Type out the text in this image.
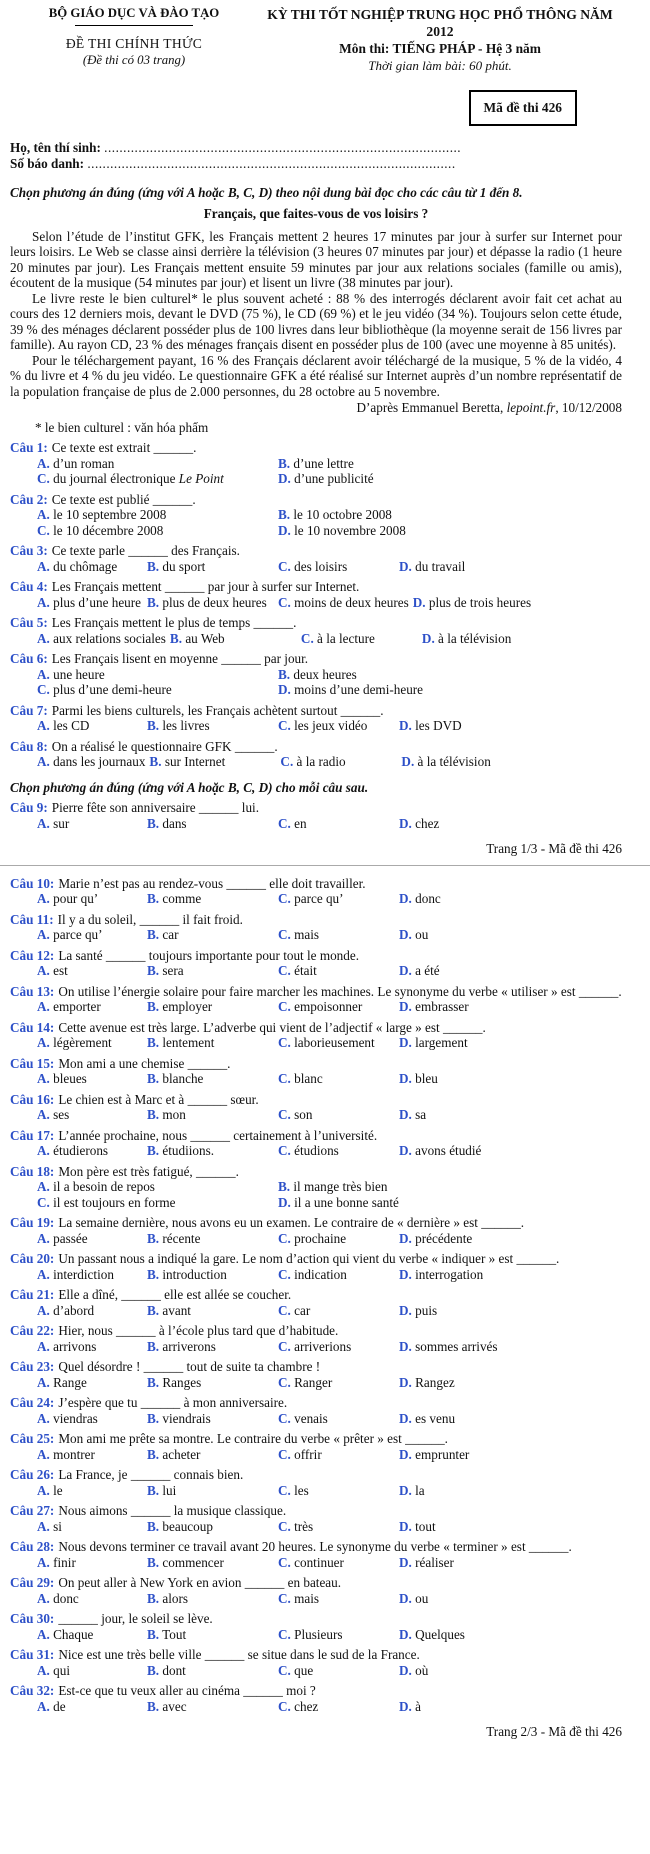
BỘ GIÁO DỤC VÀ ĐÀO TẠO
ĐỀ THI CHÍNH THỨC
(Đề thi có 03 trang)
KỲ THI TỐT NGHIỆP TRUNG HỌC PHỔ THÔNG NĂM 2012
Môn thi: TIẾNG PHÁP - Hệ 3 năm
Thời gian làm bài: 60 phút.
Mã đề thi 426
Họ, tên thí sinh: ..............................................................................................
Số báo danh: .................................................................................................
Chọn phương án đúng (ứng với A hoặc B, C, D) theo nội dung bài đọc cho các câu từ 1 đến 8.
Français, que faites-vous de vos loisirs ?
Selon l’étude de l’institut GFK, les Français mettent 2 heures 17 minutes par jour à surfer sur Internet pour leurs loisirs. Le Web se classe ainsi derrière la télévision (3 heures 07 minutes par jour) et dépasse la radio (1 heure 20 minutes par jour). Les Français mettent ensuite 59 minutes par jour aux relations sociales (famille ou amis), écoutent de la musique (54 minutes par jour) et lisent un livre (38 minutes par jour).
Le livre reste le bien culturel* le plus souvent acheté : 88 % des interrogés déclarent avoir fait cet achat au cours des 12 derniers mois, devant le DVD (75 %), le CD (69 %) et le jeu vidéo (34 %). Toujours selon cette étude, 39 % des ménages déclarent posséder plus de 100 livres dans leur bibliothèque (la moyenne serait de 156 livres par famille). Au rayon CD, 23 % des ménages français disent en posséder plus de 100 (avec une moyenne à 85 unités).
Pour le téléchargement payant, 16 % des Français déclarent avoir téléchargé de la musique, 5 % de la vidéo, 4 % du livre et 4 % du jeu vidéo. Le questionnaire GFK a été réalisé sur Internet auprès d’un nombre représentatif de la population française de plus de 2.000 personnes, du 28 octobre au 5 novembre.
D’après Emmanuel Beretta, lepoint.fr, 10/12/2008
* le bien culturel : văn hóa phẩm
Câu 1: Ce texte est extrait ______.
A. d’un roman	B. d’une lettre
C. du journal électronique Le Point	D. d’une publicité
Câu 2: Ce texte est publié ______.
A. le 10 septembre 2008	B. le 10 octobre 2008
C. le 10 décembre 2008	D. le 10 novembre 2008
Câu 3: Ce texte parle ______ des Français.
A. du chômage	B. du sport	C. des loisirs	D. du travail
Câu 4: Les Français mettent ______ par jour à surfer sur Internet.
A. plus d’une heure B. plus de deux heures C. moins de deux heures D. plus de trois heures
Câu 5: Les Français mettent le plus de temps ______.
A. aux relations sociales B. au Web	C. à la lecture	D. à la télévision
Câu 6: Les Français lisent en moyenne ______ par jour.
A. une heure	B. deux heures
C. plus d’une demi-heure	D. moins d’une demi-heure
Câu 7: Parmi les biens culturels, les Français achètent surtout ______.
A. les CD	B. les livres	C. les jeux vidéo	D. les DVD
Câu 8: On a réalisé le questionnaire GFK ______.
A. dans les journaux B. sur Internet	C. à la radio	D. à la télévision
Chọn phương án đúng (ứng với A hoặc B, C, D) cho mỗi câu sau.
Câu 9: Pierre fête son anniversaire ______ lui.
A. sur	B. dans	C. en	D. chez
Trang 1/3 - Mã đề thi 426
Câu 10: Marie n’est pas au rendez-vous ______ elle doit travailler.
A. pour qu’	B. comme	C. parce qu’	D. donc
Câu 11: Il y a du soleil, ______ il fait froid.
A. parce qu’	B. car	C. mais	D. ou
Câu 12: La santé ______ toujours importante pour tout le monde.
A. est	B. sera	C. était	D. a été
Câu 13: On utilise l’énergie solaire pour faire marcher les machines. Le synonyme du verbe « utiliser » est ______.
A. emporter	B. employer	C. empoisonner	D. embrasser
Câu 14: Cette avenue est très large. L’adverbe qui vient de l’adjectif « large » est ______.
A. légèrement	B. lentement	C. laborieusement	D. largement
Câu 15: Mon ami a une chemise ______.
A. bleues	B. blanche	C. blanc	D. bleu
Câu 16: Le chien est à Marc et à ______ sœur.
A. ses	B. mon	C. son	D. sa
Câu 17: L’année prochaine, nous ______ certainement à l’université.
A. étudierons	B. étudiions.	C. étudions	D. avons étudié
Câu 18: Mon père est très fatigué, ______.
A. il a besoin de repos	B. il mange très bien
C. il est toujours en forme	D. il a une bonne santé
Câu 19: La semaine dernière, nous avons eu un examen. Le contraire de « dernière » est ______.
A. passée	B. récente	C. prochaine	D. précédente
Câu 20: Un passant nous a indiqué la gare. Le nom d’action qui vient du verbe « indiquer » est ______.
A. interdiction	B. introduction	C. indication	D. interrogation
Câu 21: Elle a dîné, ______ elle est allée se coucher.
A. d’abord	B. avant	C. car	D. puis
Câu 22: Hier, nous ______ à l’école plus tard que d’habitude.
A. arrivons	B. arriverons	C. arriverions	D. sommes arrivés
Câu 23: Quel désordre ! ______ tout de suite ta chambre !
A. Range	B. Ranges	C. Ranger	D. Rangez
Câu 24: J’espère que tu ______ à mon anniversaire.
A. viendras	B. viendrais	C. venais	D. es venu
Câu 25: Mon ami me prête sa montre. Le contraire du verbe « prêter » est ______.
A. montrer	B. acheter	C. offrir	D. emprunter
Câu 26: La France, je ______ connais bien.
A. le	B. lui	C. les	D. la
Câu 27: Nous aimons ______ la musique classique.
A. si	B. beaucoup	C. très	D. tout
Câu 28: Nous devons terminer ce travail avant 20 heures. Le synonyme du verbe « terminer » est ______.
A. finir	B. commencer	C. continuer	D. réaliser
Câu 29: On peut aller à New York en avion ______ en bateau.
A. donc	B. alors	C. mais	D. ou
Câu 30: ______ jour, le soleil se lève.
A. Chaque	B. Tout	C. Plusieurs	D. Quelques
Câu 31: Nice est une très belle ville ______ se situe dans le sud de la France.
A. qui	B. dont	C. que	D. où
Câu 32: Est-ce que tu veux aller au cinéma ______ moi ?
A. de	B. avec	C. chez	D. à
Trang 2/3 - Mã đề thi 426
